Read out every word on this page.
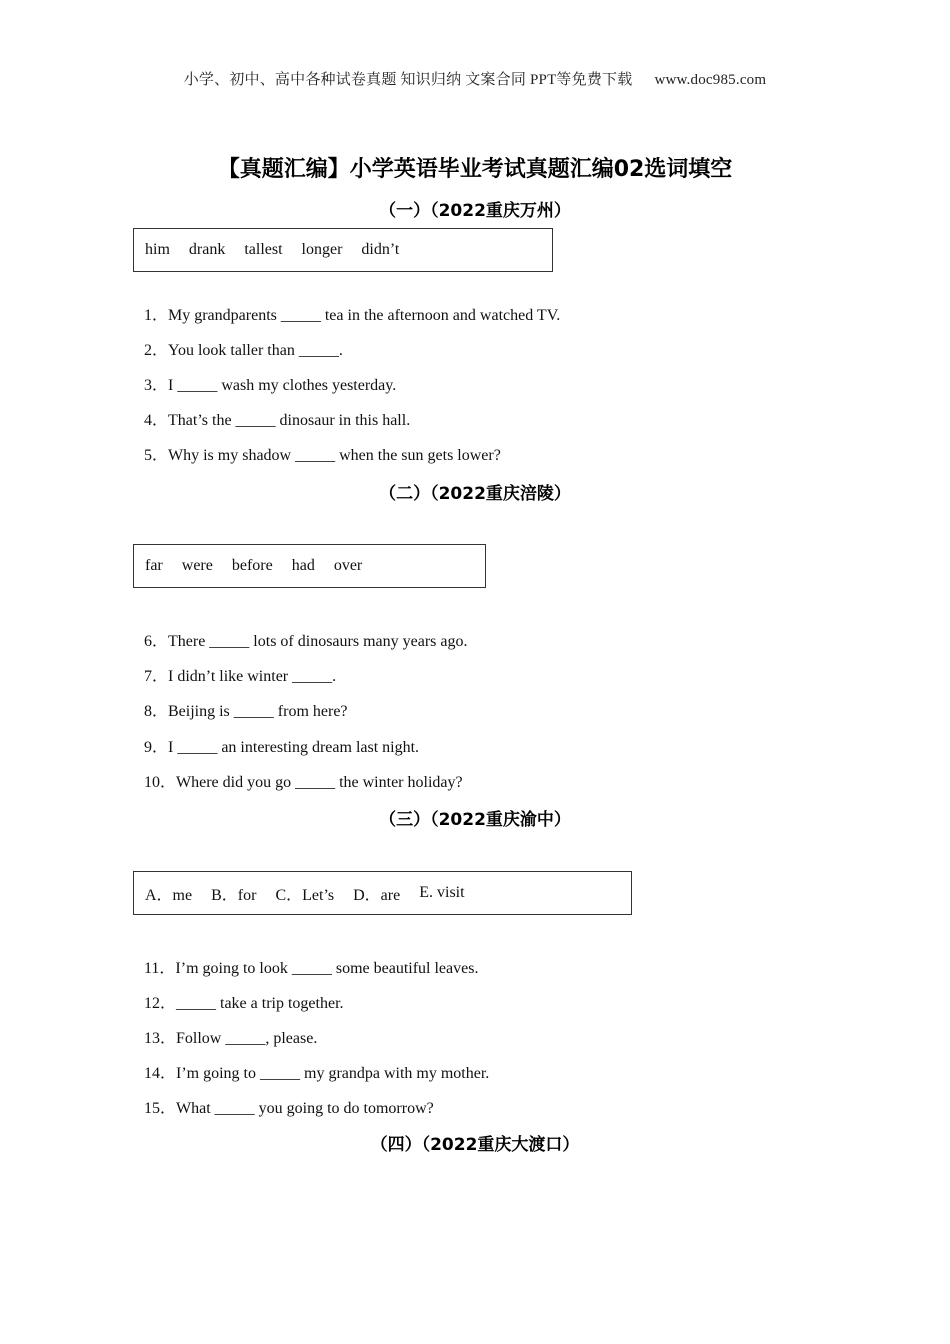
小学、初中、高中各种试卷真题 知识归纳 文案合同 PPT等免费下载 www.doc985.com
【真题汇编】小学英语毕业考试真题汇编02选词填空
（一）（2022重庆万州）
him drank tallest longer didn’t
1．My grandparents _____ tea in the afternoon and watched TV.
2．You look taller than _____.
3．I _____ wash my clothes yesterday.
4．That’s the _____ dinosaur in this hall.
5．Why is my shadow _____ when the sun gets lower?
（二）（2022重庆涪陵）
far were before had over
6．There _____ lots of dinosaurs many years ago.
7．I didn’t like winter _____.
8．Beijing is _____ from here?
9．I _____ an interesting dream last night.
10．Where did you go _____ the winter holiday?
（三）（2022重庆渝中）
A．me B．for C．Let’s D．are E. visit
11．I’m going to look _____ some beautiful leaves.
12．_____ take a trip together.
13．Follow _____, please.
14．I’m going to _____ my grandpa with my mother.
15．What _____ you going to do tomorrow?
（四）（2022重庆大渡口）
